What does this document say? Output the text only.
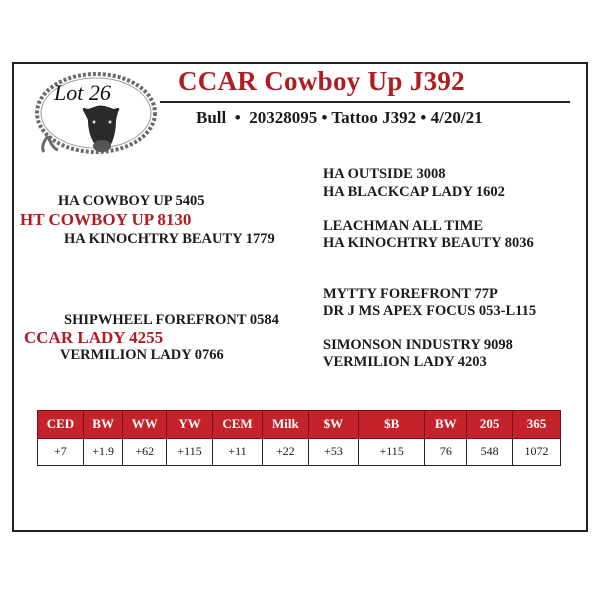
Lot 26 CCAR Cowboy Up J392
Bull  •  20328095 • Tattoo J392 • 4/20/21
HA COWBOY UP 5405
HT COWBOY UP 8130
HA KINOCHTRY BEAUTY 1779
HA OUTSIDE 3008
HA BLACKCAP LADY 1602
LEACHMAN ALL TIME
HA KINOCHTRY BEAUTY 8036
SHIPWHEEL FOREFRONT 0584
CCAR LADY 4255
VERMILION LADY 0766
MYTTY FOREFRONT 77P
DR J MS APEX FOCUS 053-L115
SIMONSON INDUSTRY 9098
VERMILION LADY 4203
CED	BW	WW	YW	CEM	Milk	$W	$B	BW	205	365
+7	+1.9	+62	+115	+11	+22	+53	+115	76	548	1072
